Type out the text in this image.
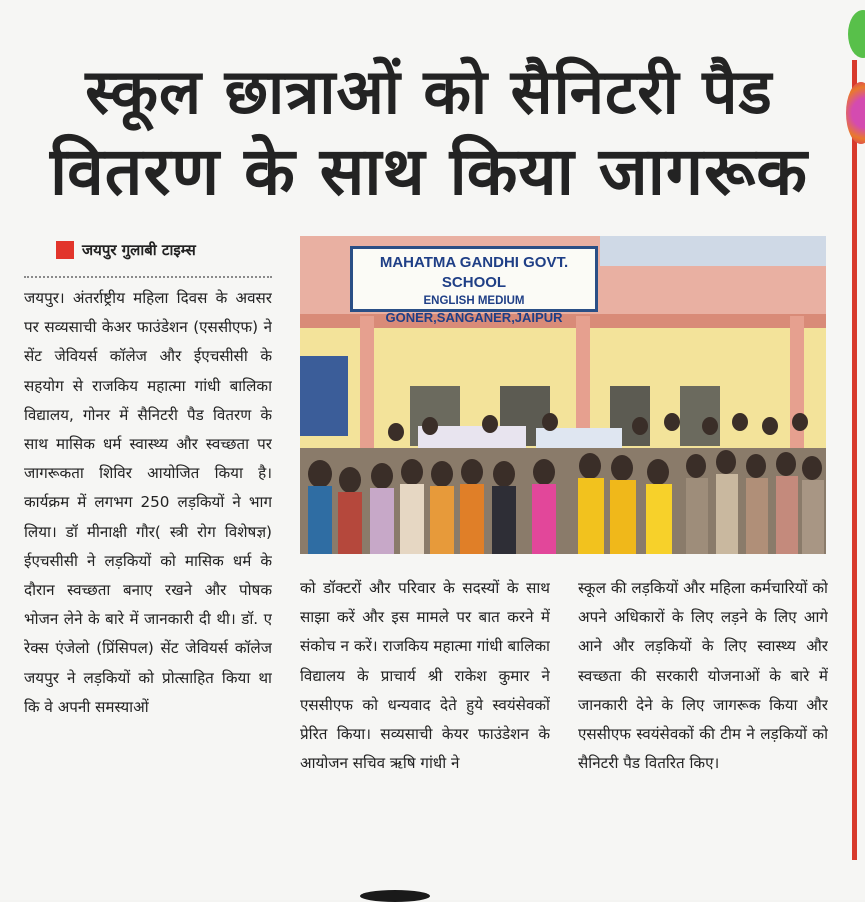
स्कूल छात्राओं को सैनिटरी पैड
वितरण के साथ किया जागरूक
जयपुर गुलाबी टाइम्स
जयपुर। अंतर्राष्ट्रीय महिला दिवस के अवसर पर सव्यसाची केअर फाउंडेशन (एससीएफ) ने सेंट जेवियर्स कॉलेज और ईएचसीसी के सहयोग से राजकिय महात्मा गांधी बालिका विद्यालय, गोनर में सैनिटरी पैड वितरण के साथ मासिक धर्म स्वास्थ्य और स्वच्छता पर जागरूकता शिविर आयोजित किया है। कार्यक्रम में लगभग 250 लड़कियों ने भाग लिया। डॉ मीनाक्षी गौर( स्त्री रोग विशेषज्ञ) ईएचसीसी ने लड़कियों को मासिक धर्म के दौरान स्वच्छता बनाए रखने और पोषक भोजन लेने के बारे में जानकारी दी थी। डॉ. ए रेक्स एंजेलो (प्रिंसिपल) सेंट जेवियर्स कॉलेज जयपुर ने लड़कियों को प्रोत्साहित किया था कि वे अपनी समस्याओं
MAHATMA GANDHI GOVT. SCHOOL
ENGLISH MEDIUM
GONER,SANGANER,JAIPUR
को डॉक्टरों और परिवार के सदस्यों के साथ साझा करें और इस मामले पर बात करने में संकोच न करें। राजकिय महात्मा गांधी बालिका विद्यालय के प्राचार्य श्री राकेश कुमार ने एससीएफ को धन्यवाद देते हुये स्वयंसेवकों प्रेरित किया। सव्यसाची केयर फाउंडेशन के आयोजन सचिव ऋषि गांधी ने
स्कूल की लड़कियों और महिला कर्मचारियों को अपने अधिकारों के लिए लड़ने के लिए आगे आने और लड़कियों के लिए स्वास्थ्य और स्वच्छता की सरकारी योजनाओं के बारे में जानकारी देने के लिए जागरूक किया और एससीएफ स्वयंसेवकों की टीम ने लड़कियों को सैनिटरी पैड वितरित किए।
